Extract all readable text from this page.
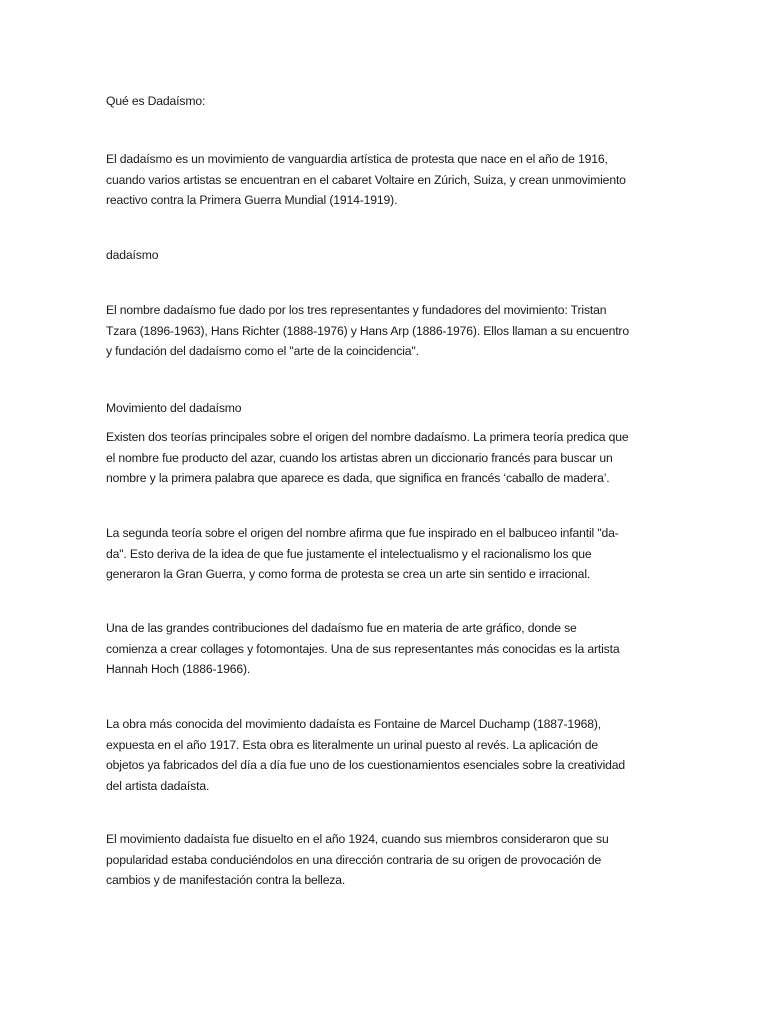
Qué es Dadaísmo:

El dadaísmo es un movimiento de vanguardia artística de protesta que nace en el año de 1916,
cuando varios artistas se encuentran en el cabaret Voltaire en Zúrich, Suiza, y crean unmovimiento
reactivo contra la Primera Guerra Mundial (1914-1919).

dadaísmo

El nombre dadaísmo fue dado por los tres representantes y fundadores del movimiento: Tristan
Tzara (1896-1963), Hans Richter (1888-1976) y Hans Arp (1886-1976). Ellos llaman a su encuentro
y fundación del dadaísmo como el "arte de la coincidencia".

Movimiento del dadaísmo

Existen dos teorías principales sobre el origen del nombre dadaísmo. La primera teoría predica que
el nombre fue producto del azar, cuando los artistas abren un diccionario francés para buscar un
nombre y la primera palabra que aparece es dada, que significa en francés ‘caballo de madera’.

La segunda teoría sobre el origen del nombre afirma que fue inspirado en el balbuceo infantil "da-
da". Esto deriva de la idea de que fue justamente el intelectualismo y el racionalismo los que
generaron la Gran Guerra, y como forma de protesta se crea un arte sin sentido e irracional.

Una de las grandes contribuciones del dadaísmo fue en materia de arte gráfico, donde se
comienza a crear collages y fotomontajes. Una de sus representantes más conocidas es la artista
Hannah Hoch (1886-1966).

La obra más conocida del movimiento dadaísta es Fontaine de Marcel Duchamp (1887-1968),
expuesta en el año 1917. Esta obra es literalmente un urinal puesto al revés. La aplicación de
objetos ya fabricados del día a día fue uno de los cuestionamientos esenciales sobre la creatividad
del artista dadaísta.

El movimiento dadaísta fue disuelto en el año 1924, cuando sus miembros consideraron que su
popularidad estaba conduciéndolos en una dirección contraria de su origen de provocación de
cambios y de manifestación contra la belleza.
